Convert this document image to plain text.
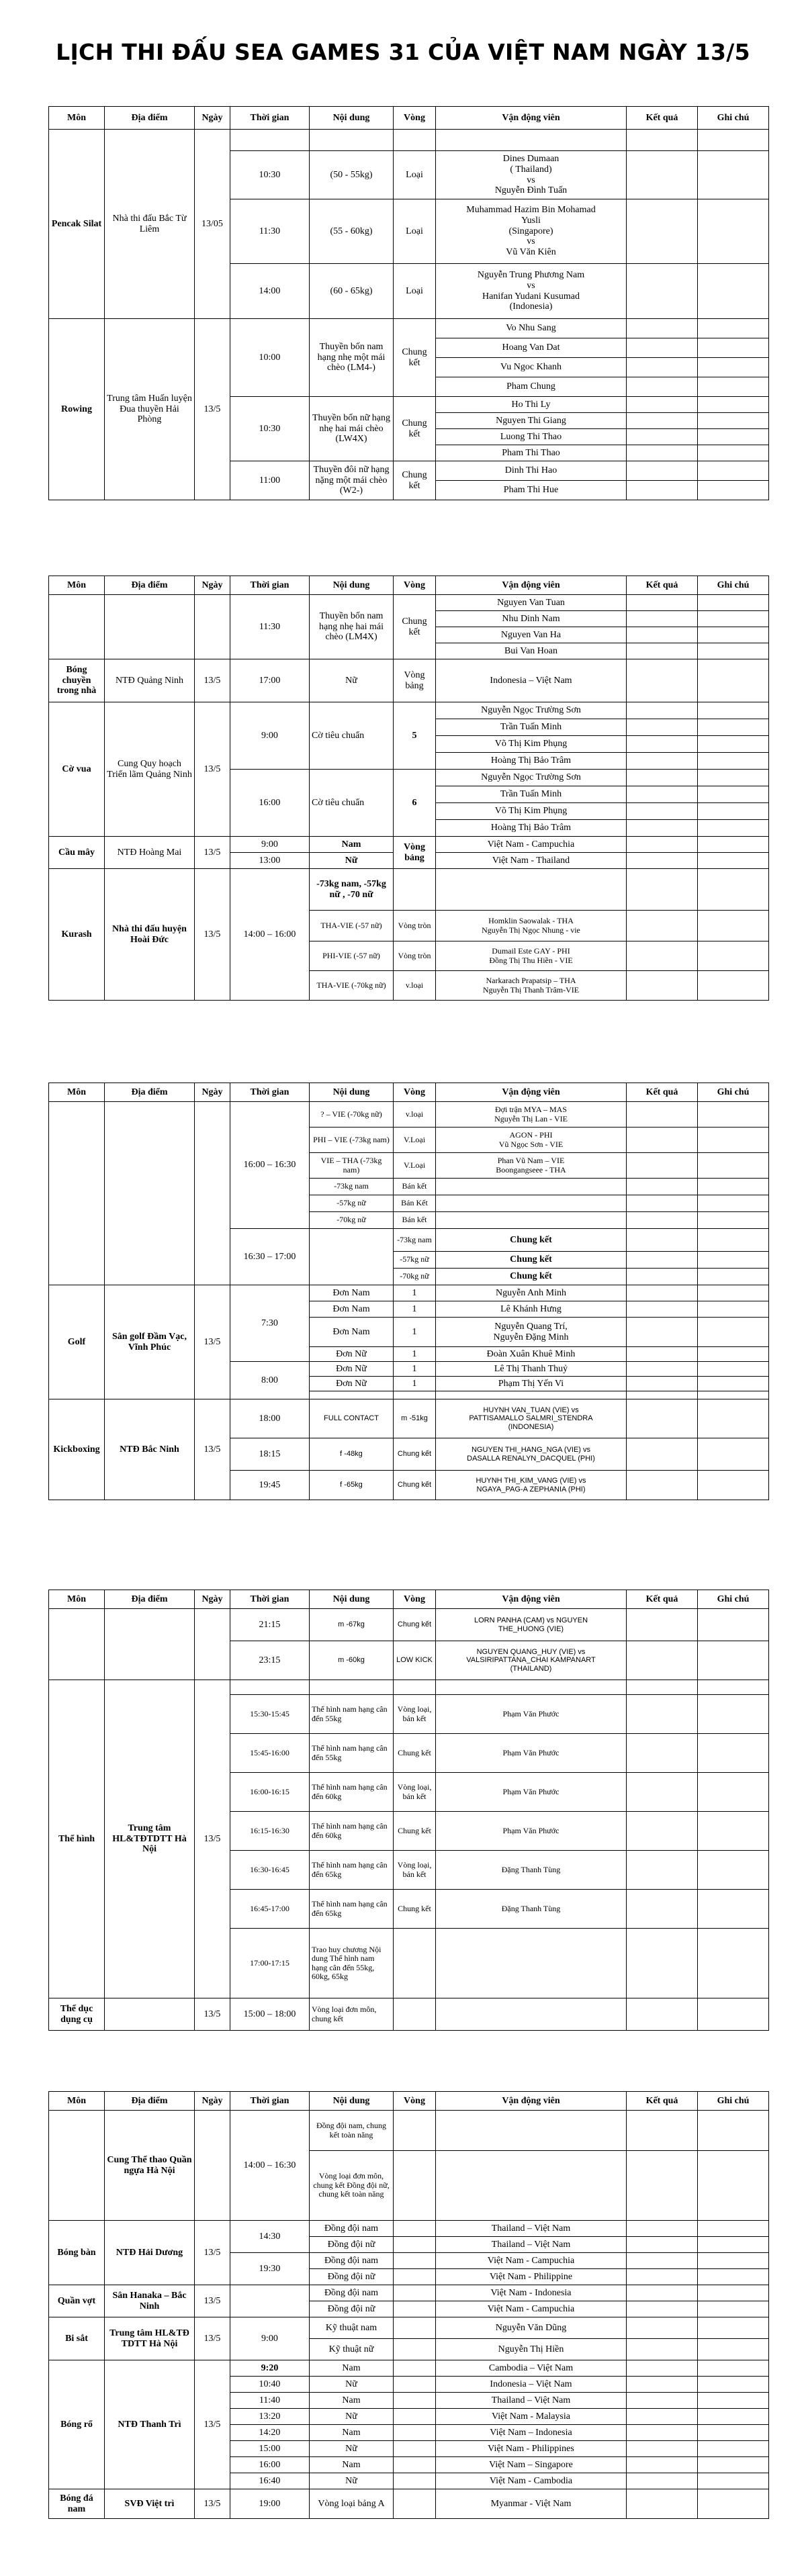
LỊCH THI ĐẤU SEA GAMES 31 CỦA VIỆT NAM NGÀY 13/5
Môn	Địa điểm	Ngày	Thời gian	Nội dung	Vòng	Vận động viên	Kết quả	Ghi chú
Pencak Silat	Nhà thi đấu Bắc Từ Liêm	13/05						
			10:30	(50 - 55kg)	Loại	Dines Dumaan
( Thailand)
vs
Nguyễn Đình Tuấn		

			11:30	(55 - 60kg)	Loại	Muhammad Hazim Bin Mohamad
Yusli
(Singapore)
vs
Vũ Văn Kiên		

			14:00	(60 - 65kg)	Loại	Nguyễn Trung Phương Nam
vs
Hanifan Yudani Kusumad
(Indonesia)		

Rowing	Trung tâm Huấn luyện Đua thuyền Hải Phòng	13/5	10:00	Thuyền bốn nam hạng nhẹ một mái chèo (LM4-)	Chung kết	Vo Nhu Sang		
						Hoang Van Dat		
						Vu Ngoc Khanh		
						Pham Chung		
			10:30	Thuyền bốn nữ hạng nhẹ hai mái chèo (LW4X)	Chung kết	Ho Thi Ly		
						Nguyen Thi Giang		
						Luong Thi Thao		
						Pham Thi Thao		
			11:00	Thuyền đôi nữ hạng nặng một mái chèo (W2-)	Chung kết	Dinh Thi Hao		
						Pham Thi Hue		
Môn	Địa điểm	Ngày	Thời gian	Nội dung	Vòng	Vận động viên	Kết quả	Ghi chú
			11:30	Thuyền bốn nam hạng nhẹ hai mái chèo (LM4X)	Chung kết	Nguyen Van Tuan		
						Nhu Dinh Nam		
						Nguyen Van Ha		
						Bui Van Hoan		
Bóng chuyền trong nhà	NTĐ Quảng Ninh	13/5	17:00	Nữ	Vòng bảng	Indonesia – Việt Nam		
Cờ vua	Cung Quy hoạch Triển lãm Quảng Ninh	13/5	9:00	Cờ tiêu chuẩn	5	Nguyễn Ngọc Trường Sơn		
						Trần Tuấn Minh		
						Võ Thị Kim Phụng		
						Hoàng Thị Bảo Trâm		
			16:00	Cờ tiêu chuẩn	6	Nguyễn Ngọc Trường Sơn		
						Trần Tuấn Minh		
						Võ Thị Kim Phụng		
						Hoàng Thị Bảo Trâm		
Cầu mây	NTĐ Hoàng Mai	13/5	9:00	Nam	Vòng bảng	Việt Nam - Campuchia		
			13:00	Nữ		Việt Nam - Thailand		
Kurash	Nhà thi đấu huyện Hoài Đức	13/5	14:00 – 16:00	-73kg nam, -57kg nữ , -70 nữ				
				THA-VIE (-57 nữ)	Vòng tròn	Homklin Saowalak - THA
Nguyễn Thị Ngọc Nhung - vie		

				PHI-VIE (-57 nữ)	Vòng tròn	Dumail Este GAY - PHI
Đồng Thị Thu Hiền - VIE		

				THA-VIE (-70kg nữ)	v.loại	Narkarach Prapatsip – THA
Nguyễn Thị Thanh Trâm-VIE		

Môn	Địa điểm	Ngày	Thời gian	Nội dung	Vòng	Vận động viên	Kết quả	Ghi chú
			16:00 – 16:30	? – VIE (-70kg nữ)	v.loại	Đợi trận MYA – MAS
Nguyễn Thị Lan - VIE		

				PHI – VIE (-73kg nam)	V.Loại	AGON - PHI
Vũ Ngọc Sơn - VIE		

				VIE – THA (-73kg nam)	V.Loại	Phan Vũ Nam – VIE
Boongangseee - THA		

				-73kg nam	Bán kết			
				-57kg nữ	Bán Kết			
				-70kg nữ	Bán kết			
			16:30 – 17:00		-73kg nam	Chung kết		
					-57kg nữ	Chung kết		
					-70kg nữ	Chung kết		
Golf	Sân golf Đầm Vạc, Vĩnh Phúc	13/5	7:30	Đơn Nam	1	Nguyễn Anh Minh		
				Đơn Nam	1	Lê Khánh Hưng		
				Đơn Nam	1	Nguyễn Quang Trí,
Nguyễn Đặng Minh		

				Đơn Nữ	1	Đoàn Xuân Khuê Minh		
			8:00	Đơn Nữ	1	Lê Thị Thanh Thuỷ		
				Đơn Nữ	1	Phạm Thị Yến Vi		

Kickboxing	NTĐ Bắc Ninh	13/5	18:00	FULL CONTACT	m -51kg	HUYNH VAN_TUAN (VIE) vs
PATTISAMALLO SALMRI_STENDRA
(INDONESIA)		

			18:15	f -48kg	Chung kết	NGUYEN THI_HANG_NGA (VIE) vs
DASALLA RENALYN_DACQUEL (PHI)		

			19:45	f -65kg	Chung kết	HUYNH THI_KIM_VANG (VIE) vs
NGAYA_PAG-A ZEPHANIA (PHI)		

Môn	Địa điểm	Ngày	Thời gian	Nội dung	Vòng	Vận động viên	Kết quả	Ghi chú
			21:15	m -67kg	Chung kết	LORN PANHA (CAM) vs NGUYEN
THE_HUONG (VIE)		

			23:15	m -60kg	LOW KICK	NGUYEN QUANG_HUY (VIE) vs
VALSIRIPATTANA_CHAI KAMPANART
(THAILAND)		

Thể hình	Trung tâm HL&TĐTDTT Hà Nội	13/5						
			15:30-15:45	Thể hình nam hạng cân đến 55kg	Vòng loại, bán kết	Phạm Văn Phước		
			15:45-16:00	Thể hình nam hạng cân đến 55kg	Chung kết	Phạm Văn Phước		
			16:00-16:15	Thể hình nam hạng cân đến 60kg	Vòng loại, bán kết	Phạm Văn Phước		
			16:15-16:30	Thể hình nam hạng cân đến 60kg	Chung kết	Phạm Văn Phước		
			16:30-16:45	Thể hình nam hạng cân đến 65kg	Vòng loại, bán kết	Đặng Thanh Tùng		
			16:45-17:00	Thể hình nam hạng cân đến 65kg	Chung kết	Đặng Thanh Tùng		
			17:00-17:15	Trao huy chương Nội dung Thể hình nam hạng cân đến 55kg, 60kg, 65kg				
Thể dục dụng cụ		13/5	15:00 – 18:00	Vòng loại đơn môn, chung kết				
Môn	Địa điểm	Ngày	Thời gian	Nội dung	Vòng	Vận động viên	Kết quả	Ghi chú
	Cung Thể thao Quần ngựa Hà Nội		14:00 – 16:30	Đồng đội nam, chung kết toàn năng				
				Vòng loại đơn môn, chung kết Đồng đội nữ, chung kết toàn năng				
Bóng bàn	NTĐ Hải Dương	13/5	14:30	Đồng đội nam		Thailand – Việt Nam		
				Đồng đội nữ		Thailand – Việt Nam		
			19:30	Đồng đội nam		Việt Nam - Campuchia		
				Đồng đội nữ		Việt Nam - Philippine		
Quần vợt	Sân Hanaka – Bắc Ninh	13/5		Đồng đội nam		Việt Nam - Indonesia		
				Đồng đội nữ		Việt Nam - Campuchia		
Bi sắt	Trung tâm HL&TĐ TDTT Hà Nội	13/5	9:00	Kỹ thuật nam		Nguyễn Văn Dũng		
				Kỹ thuật nữ		Nguyễn Thị Hiền		
Bóng rổ	NTĐ Thanh Trì	13/5	9:20	Nam		Cambodia – Việt Nam		
			10:40	Nữ		Indonesia – Việt Nam		
			11:40	Nam		Thailand – Việt Nam		
			13:20	Nữ		Việt Nam - Malaysia		
			14:20	Nam		Việt Nam – Indonesia		
			15:00	Nữ		Việt Nam - Philippines		
			16:00	Nam		Việt Nam – Singapore		
			16:40	Nữ		Việt Nam - Cambodia		
Bóng đá nam	SVĐ Việt trì	13/5	19:00	Vòng loại bảng A		Myanmar - Việt Nam		
